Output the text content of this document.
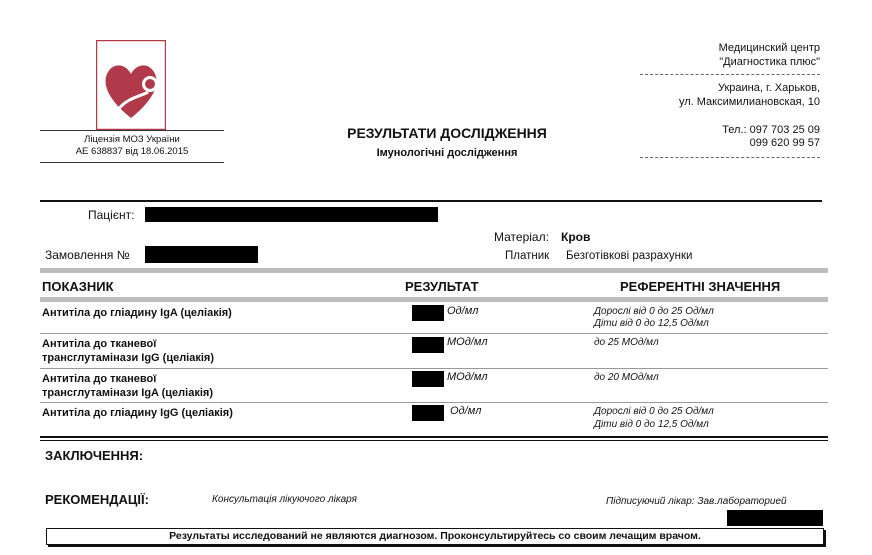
Ліцензія МОЗ України
АЕ 638837 від 18.06.2015
РЕЗУЛЬТАТИ ДОСЛІДЖЕННЯ
Імунологічні дослідження
Медицинский центр
"Диагностика плюс"
Украина, г. Харьков,
ул. Максимилиановская, 10
Тел.: 097 703 25 09
099 620 99 57
Пацієнт:
Матеріал: Кров
Замовлення №	Платник Безготівкові разрахунки
ПОКАЗНИК	РЕЗУЛЬТАТ	РЕФЕРЕНТНІ ЗНАЧЕННЯ
Антитіла до гліадину IgA (целіакія)	Од/мл	Дорослі від 0 до 25 Од/мл
Діти від 0 до 12,5 Од/мл
Антитіла до тканевої
трансглутамінази IgG (целіакія)
МОд/мл	до 25 МОд/мл
Антитіла до тканевої
трансглутамінази IgA (целіакія)
МОд/мл	до 20 МОд/мл
Антитіла до гліадину IgG (целіакія)	Од/мл	Дорослі від 0 до 25 Од/мл
Діти від 0 до 12,5 Од/мл
ЗАКЛЮЧЕННЯ:
РЕКОМЕНДАЦІЇ:	Консультація лікуючого лікаря	Підписуючий лікар: Зав.лабораторией
Результаты исследований не являются диагнозом. Проконсультируйтесь со своим лечащим врачом.
